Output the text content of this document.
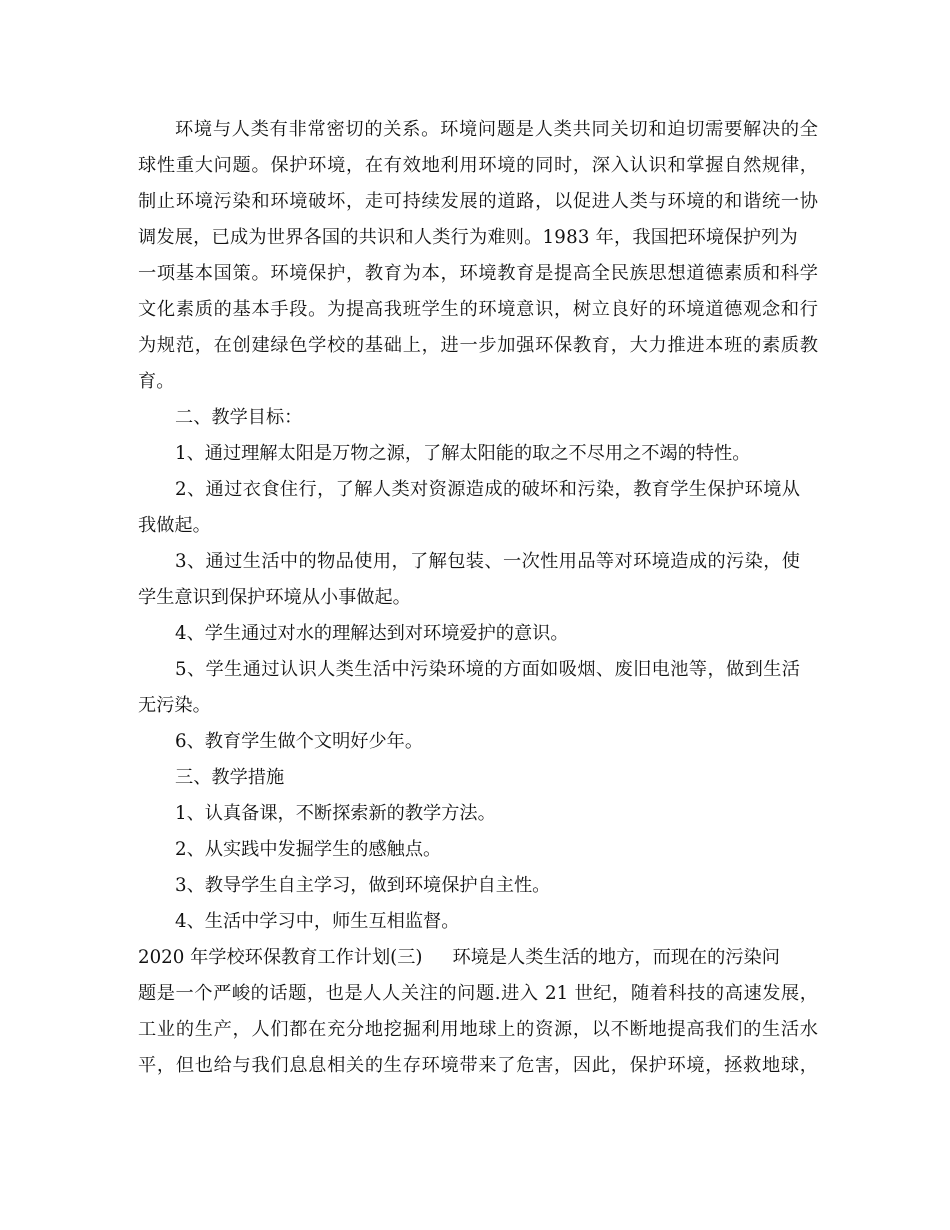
环境与人类有非常密切的关系。环境问题是人类共同关切和迫切需要解决的全
球性重大问题。保护环境，在有效地利用环境的同时，深入认识和掌握自然规律，
制止环境污染和环境破坏，走可持续发展的道路，以促进人类与环境的和谐统一协
调发展，已成为世界各国的共识和人类行为难则。1983 年，我国把环境保护列为
一项基本国策。环境保护，教育为本，环境教育是提高全民族思想道德素质和科学
文化素质的基本手段。为提高我班学生的环境意识，树立良好的环境道德观念和行
为规范，在创建绿色学校的基础上，进一步加强环保教育，大力推进本班的素质教
育。
二、教学目标：
1、通过理解太阳是万物之源，了解太阳能的取之不尽用之不竭的特性。
2、通过衣食住行，了解人类对资源造成的破坏和污染，教育学生保护环境从
我做起。
3、通过生活中的物品使用，了解包装、一次性用品等对环境造成的污染，使
学生意识到保护环境从小事做起。
4、学生通过对水的理解达到对环境爱护的意识。
5、学生通过认识人类生活中污染环境的方面如吸烟、废旧电池等，做到生活
无污染。
6、教育学生做个文明好少年。
三、教学措施
1、认真备课，不断探索新的教学方法。
2、从实践中发掘学生的感触点。
3、教导学生自主学习，做到环境保护自主性。
4、生活中学习中，师生互相监督。
2020 年学校环保教育工作计划(三) 环境是人类生活的地方，而现在的污染问
题是一个严峻的话题，也是人人关注的问题.进入 21 世纪，随着科技的高速发展，
工业的生产，人们都在充分地挖掘利用地球上的资源，以不断地提高我们的生活水
平，但也给与我们息息相关的生存环境带来了危害，因此，保护环境，拯救地球，
